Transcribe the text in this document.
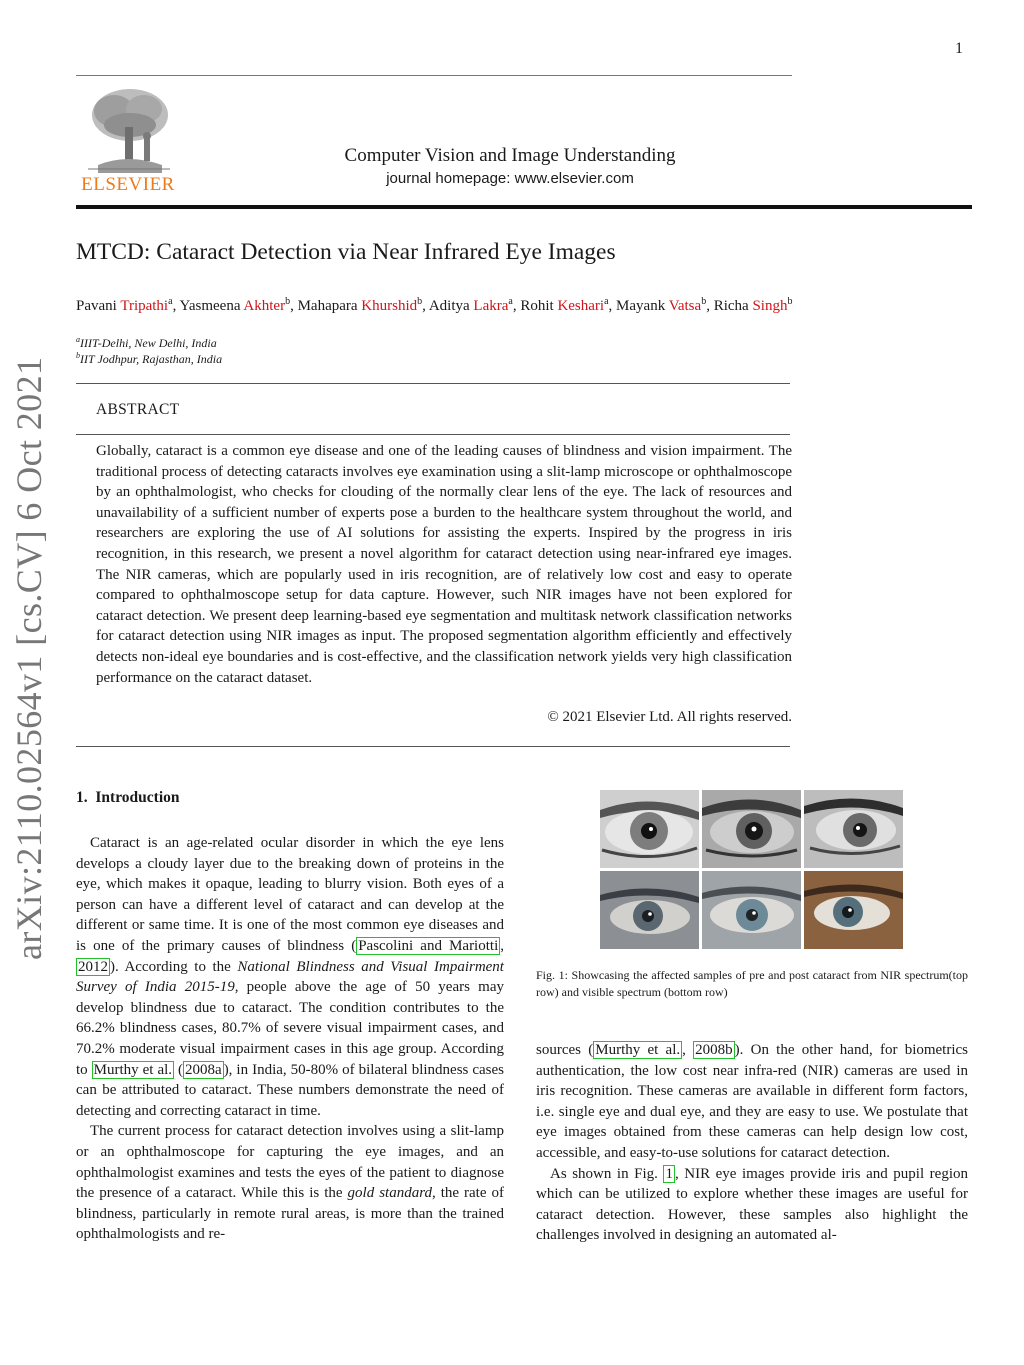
1
ELSEVIER
Computer Vision and Image Understanding
journal homepage: www.elsevier.com
MTCD: Cataract Detection via Near Infrared Eye Images
Pavani Tripathi$^a$, Yasmeena Akhter$^b$, Mahapara Khurshid$^b$, Aditya Lakra$^a$, Rohit Keshari$^a$, Mayank Vatsa$^b$, Richa Singh$^b$
$^a$IIIT-Delhi, New Delhi, India
$^b$IIT Jodhpur, Rajasthan, India
ABSTRACT
Globally, cataract is a common eye disease and one of the leading causes of blindness and vision impairment. The traditional process of detecting cataracts involves eye examination using a slit-lamp microscope or ophthalmoscope by an ophthalmologist, who checks for clouding of the normally clear lens of the eye. The lack of resources and unavailability of a sufficient number of experts pose a burden to the healthcare system throughout the world, and researchers are exploring the use of AI solutions for assisting the experts. Inspired by the progress in iris recognition, in this research, we present a novel algorithm for cataract detection using near-infrared eye images. The NIR cameras, which are popularly used in iris recognition, are of relatively low cost and easy to operate compared to ophthalmoscope setup for data capture. However, such NIR images have not been explored for cataract detection. We present deep learning-based eye segmentation and multitask network classification networks for cataract detection using NIR images as input. The proposed segmentation algorithm efficiently and effectively detects non-ideal eye boundaries and is cost-effective, and the classification network yields very high classification performance on the cataract dataset.
© 2021 Elsevier Ltd. All rights reserved.
arXiv:2110.02564v1 [cs.CV] 6 Oct 2021 1. Introduction

Cataract is an age-related ocular disorder in which the eye lens develops a cloudy layer due to the breaking down of proteins in the eye, which makes it opaque, leading to blurry vision. Both eyes of a person can have a different level of cataract and can develop at the different or same time. It is one of the most common eye diseases and is one of the primary causes of blindness ( Pascolini and Mariotti , 2012 ). According to the National Blindness and Visual Impairment Survey of India 2015-19, people above the age of 50 years may develop blindness due to cataract. The condition contributes to the 66.2% blindness cases, 80.7% of severe visual impairment cases, and 70.2% moderate visual impairment cases in this age group. According to Murthy et al. ( 2008a ), in India, 50-80% of bilateral blindness cases can be attributed to cataract. These numbers demonstrate the need of detecting and correcting cataract in time.

The current process for cataract detection involves using a slit-lamp or an ophthalmoscope for capturing the eye images, and an ophthalmologist examines and tests the eyes of the patient to diagnose the presence of a cataract. While this is the gold standard, the rate of blindness, particularly in remote rural areas, is more than the trained ophthalmologists and re-

Fig. 1: Showcasing the affected samples of pre and post cataract from NIR spectrum(top row) and visible spectrum (bottom row)

sources ( Murthy et al. , 2008b ). On the other hand, for biometrics authentication, the low cost near infra-red (NIR) cameras are used in iris recognition. These cameras are available in different form factors, i.e. single eye and dual eye, and they are easy to use. We postulate that eye images obtained from these cameras can help design low cost, accessible, and easy-to-use solutions for cataract detection.

As shown in Fig. 1 , NIR eye images provide iris and pupil region which can be utilized to explore whether these images are useful for cataract detection. However, these samples also highlight the challenges involved in designing an automated al-
